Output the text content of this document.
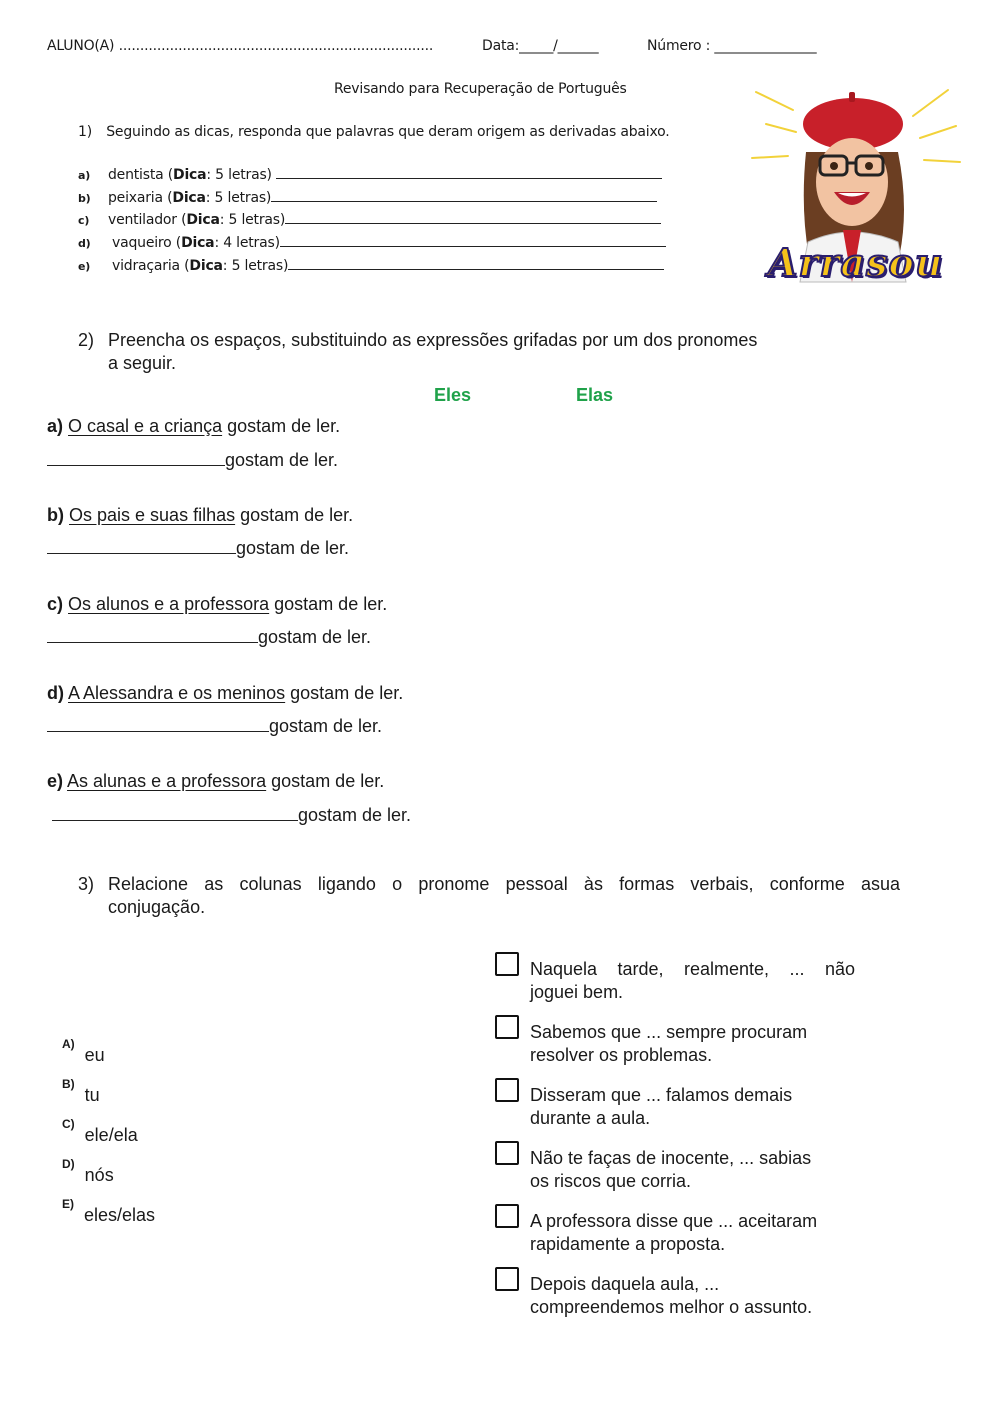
ALUNO(A) ..........................................................................	Data:_____/______	Número : _______________
Revisando para Recuperação de Português
1) Seguindo as dicas, responda que palavras que deram origem as derivadas abaixo.
a) dentista (Dica: 5 letras)
b) peixaria (Dica: 5 letras)
c) ventilador (Dica: 5 letras)
d) vaqueiro (Dica: 4 letras)
e) vidraçaria (Dica: 5 letras)	Arrasou
2) Preencha os espaços, substituindo as expressões grifadas por um dos pronomes
a seguir.
Eles	Elas
a) O casal e a criança gostam de ler.
gostam de ler.
b) Os pais e suas filhas gostam de ler.
gostam de ler.
c) Os alunos e a professora gostam de ler.
gostam de ler.
d) A Alessandra e os meninos gostam de ler.
gostam de ler.
e) As alunas e a professora gostam de ler.
gostam de ler.
3) Relacione as colunas ligando o pronome pessoal às formas verbais, conforme asua
conjugação.
$^{A)}$eu
$^{B)}$tu
$^{C)}$ele/ela
$^{D)}$nós
$^{E)}$eles/elas
Naquela tarde, realmente, ... não
joguei bem.
Sabemos que ... sempre procuram
resolver os problemas.
Disseram que ... falamos demais
durante a aula.
Não te faças de inocente, ... sabias
os riscos que corria.
A professora disse que ... aceitaram
rapidamente a proposta.
Depois daquela aula, ...
compreendemos melhor o assunto.
